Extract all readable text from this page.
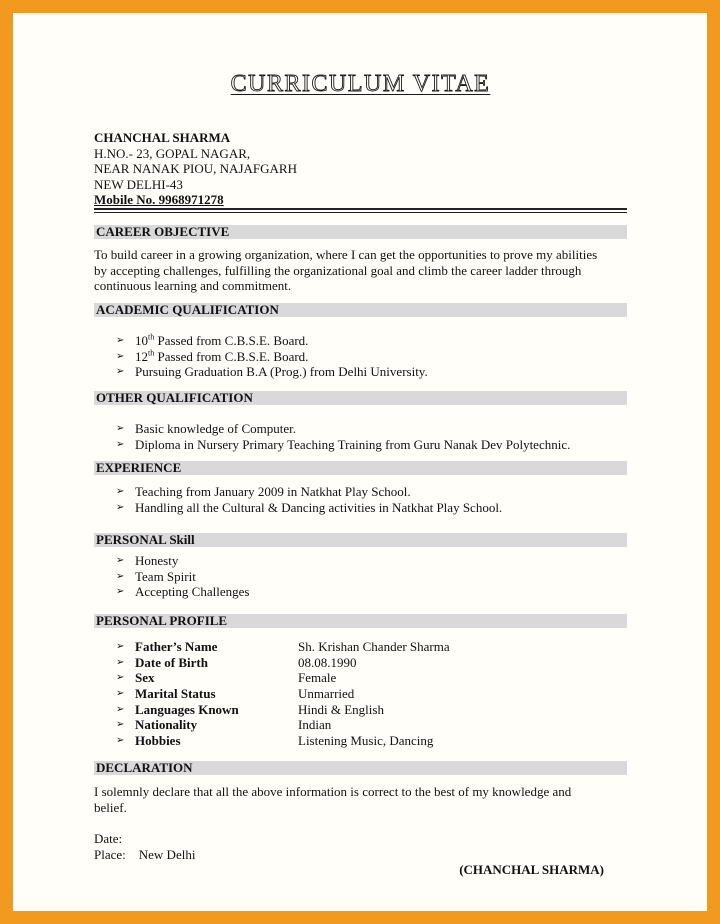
CURRICULUM VITAE
CHANCHAL SHARMA
H.NO.- 23, GOPAL NAGAR,
NEAR NANAK PIOU, NAJAFGARH
NEW DELHI-43
Mobile No. 9968971278
CAREER OBJECTIVE
To build career in a growing organization, where I can get the opportunities to prove my abilities
by accepting challenges, fulfilling the organizational goal and climb the career ladder through
continuous learning and commitment.
ACADEMIC QUALIFICATION
➢ 10th Passed from C.B.S.E. Board.
➢ 12th Passed from C.B.S.E. Board.
➢ Pursuing Graduation B.A (Prog.) from Delhi University.
OTHER QUALIFICATION
➢ Basic knowledge of Computer.
➢ Diploma in Nursery Primary Teaching Training from Guru Nanak Dev Polytechnic.
EXPERIENCE
➢ Teaching from January 2009 in Natkhat Play School.
➢ Handling all the Cultural & Dancing activities in Natkhat Play School.
PERSONAL Skill
➢ Honesty
➢ Team Spirit
➢ Accepting Challenges
PERSONAL PROFILE
➢ Father’s Name	Sh. Krishan Chander Sharma
➢ Date of Birth	08.08.1990
➢ Sex	Female
➢ Marital Status	Unmarried
➢ Languages Known	Hindi & English
➢ Nationality	Indian
➢ Hobbies	Listening Music, Dancing
DECLARATION
I solemnly declare that all the above information is correct to the best of my knowledge and
belief.
Date:
Place: New Delhi
(CHANCHAL SHARMA)
